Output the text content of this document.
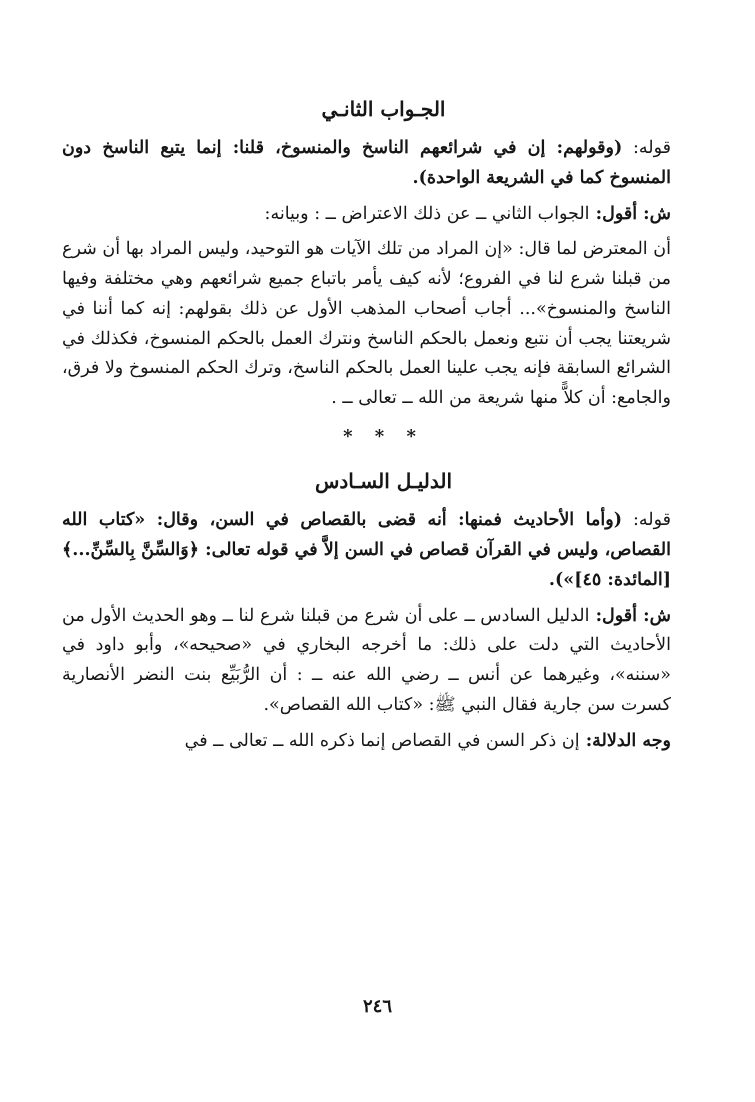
الجـواب الثانـي
قوله: (وقولهم: إن في شرائعهم الناسخ والمنسوخ، قلنا: إنما يتبع الناسخ دون المنسوخ كما في الشريعة الواحدة).
ش: أقول: الجواب الثاني ــ عن ذلك الاعتراض ــ : وبيانه:
أن المعترض لما قال: «إن المراد من تلك الآيات هو التوحيد، وليس المراد بها أن شرع من قبلنا شرع لنا في الفروع؛ لأنه كيف يأمر باتباع جميع شرائعهم وهي مختلفة وفيها الناسخ والمنسوخ»... أجاب أصحاب المذهب الأول عن ذلك بقولهم: إنه كما أننا في شريعتنا يجب أن نتبع ونعمل بالحكم الناسخ ونترك العمل بالحكم المنسوخ، فكذلك في الشرائع السابقة فإنه يجب علينا العمل بالحكم الناسخ، وترك الحكم المنسوخ ولا فرق، والجامع: أن كلاًّ منها شريعة من الله ــ تعالى ــ .
* * *
الدليـل السـادس
قوله: (وأما الأحاديث فمنها: أنه قضى بالقصاص في السن، وقال: «كتاب الله القصاص، وليس في القرآن قصاص في السن إلاَّ في قوله تعالى: ﴿وَالسِّنَّ بِالسِّنِّ...﴾ [المائدة: ٤٥]»).
ش: أقول: الدليل السادس ــ على أن شرع من قبلنا شرع لنا ــ وهو الحديث الأول من الأحاديث التي دلت على ذلك: ما أخرجه البخاري في «صحيحه»، وأبو داود في «سننه»، وغيرهما عن أنس ــ رضي الله عنه ــ : أن الرُّبَيِّع بنت النضر الأنصارية كسرت سن جارية فقال النبي ﷺ: «كتاب الله القصاص».
وجه الدلالة: إن ذكر السن في القصاص إنما ذكره الله ــ تعالى ــ في
٢٤٦
